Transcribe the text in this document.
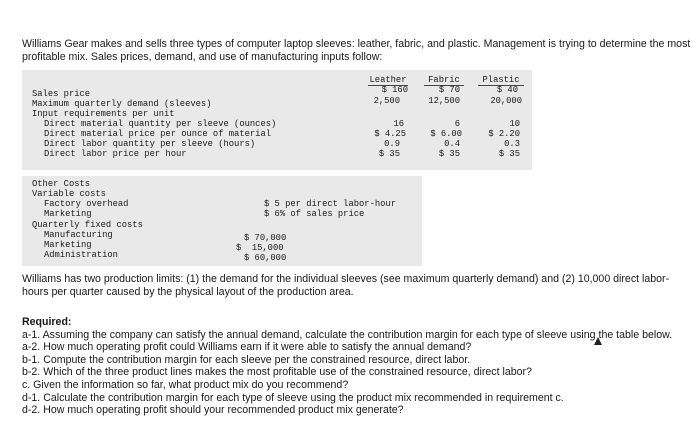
Williams Gear makes and sells three types of computer laptop sleeves: leather, fabric, and plastic. Management is trying to determine the most profitable mix. Sales prices, demand, and use of manufacturing inputs follow:
Leather	Fabric	Plastic
Sales price	$ 160	$ 70	$ 40
Maximum quarterly demand (sleeves)	2,500	12,500	20,000
Input requirements per unit
Direct material quantity per sleeve (ounces)	16	6	10
Direct material price per ounce of material	$ 4.25	$ 6.00	$ 2.20
Direct labor quantity per sleeve (hours)	0.9	0.4	0.3
Direct labor price per hour	$ 35	$ 35	$ 35
Other Costs
Variable costs
Factory overhead	$ 5 per direct labor-hour
Marketing	$ 6% of sales price
Quarterly fixed costs
Manufacturing	$ 70,000
Marketing	$  15,000
Administration	$ 60,000
Williams has two production limits: (1) the demand for the individual sleeves (see maximum quarterly demand) and (2) 10,000 direct labor-hours per quarter caused by the physical layout of the production area.
Required:
a-1. Assuming the company can satisfy the annual demand, calculate the contribution margin for each type of sleeve using the table below.
a-2. How much operating profit could Williams earn if it were able to satisfy the annual demand?
b-1. Compute the contribution margin for each sleeve per the constrained resource, direct labor.
b-2. Which of the three product lines makes the most profitable use of the constrained resource, direct labor?
c. Given the information so far, what product mix do you recommend?
d-1. Calculate the contribution margin for each type of sleeve using the product mix recommended in requirement c.
d-2. How much operating profit should your recommended product mix generate?
